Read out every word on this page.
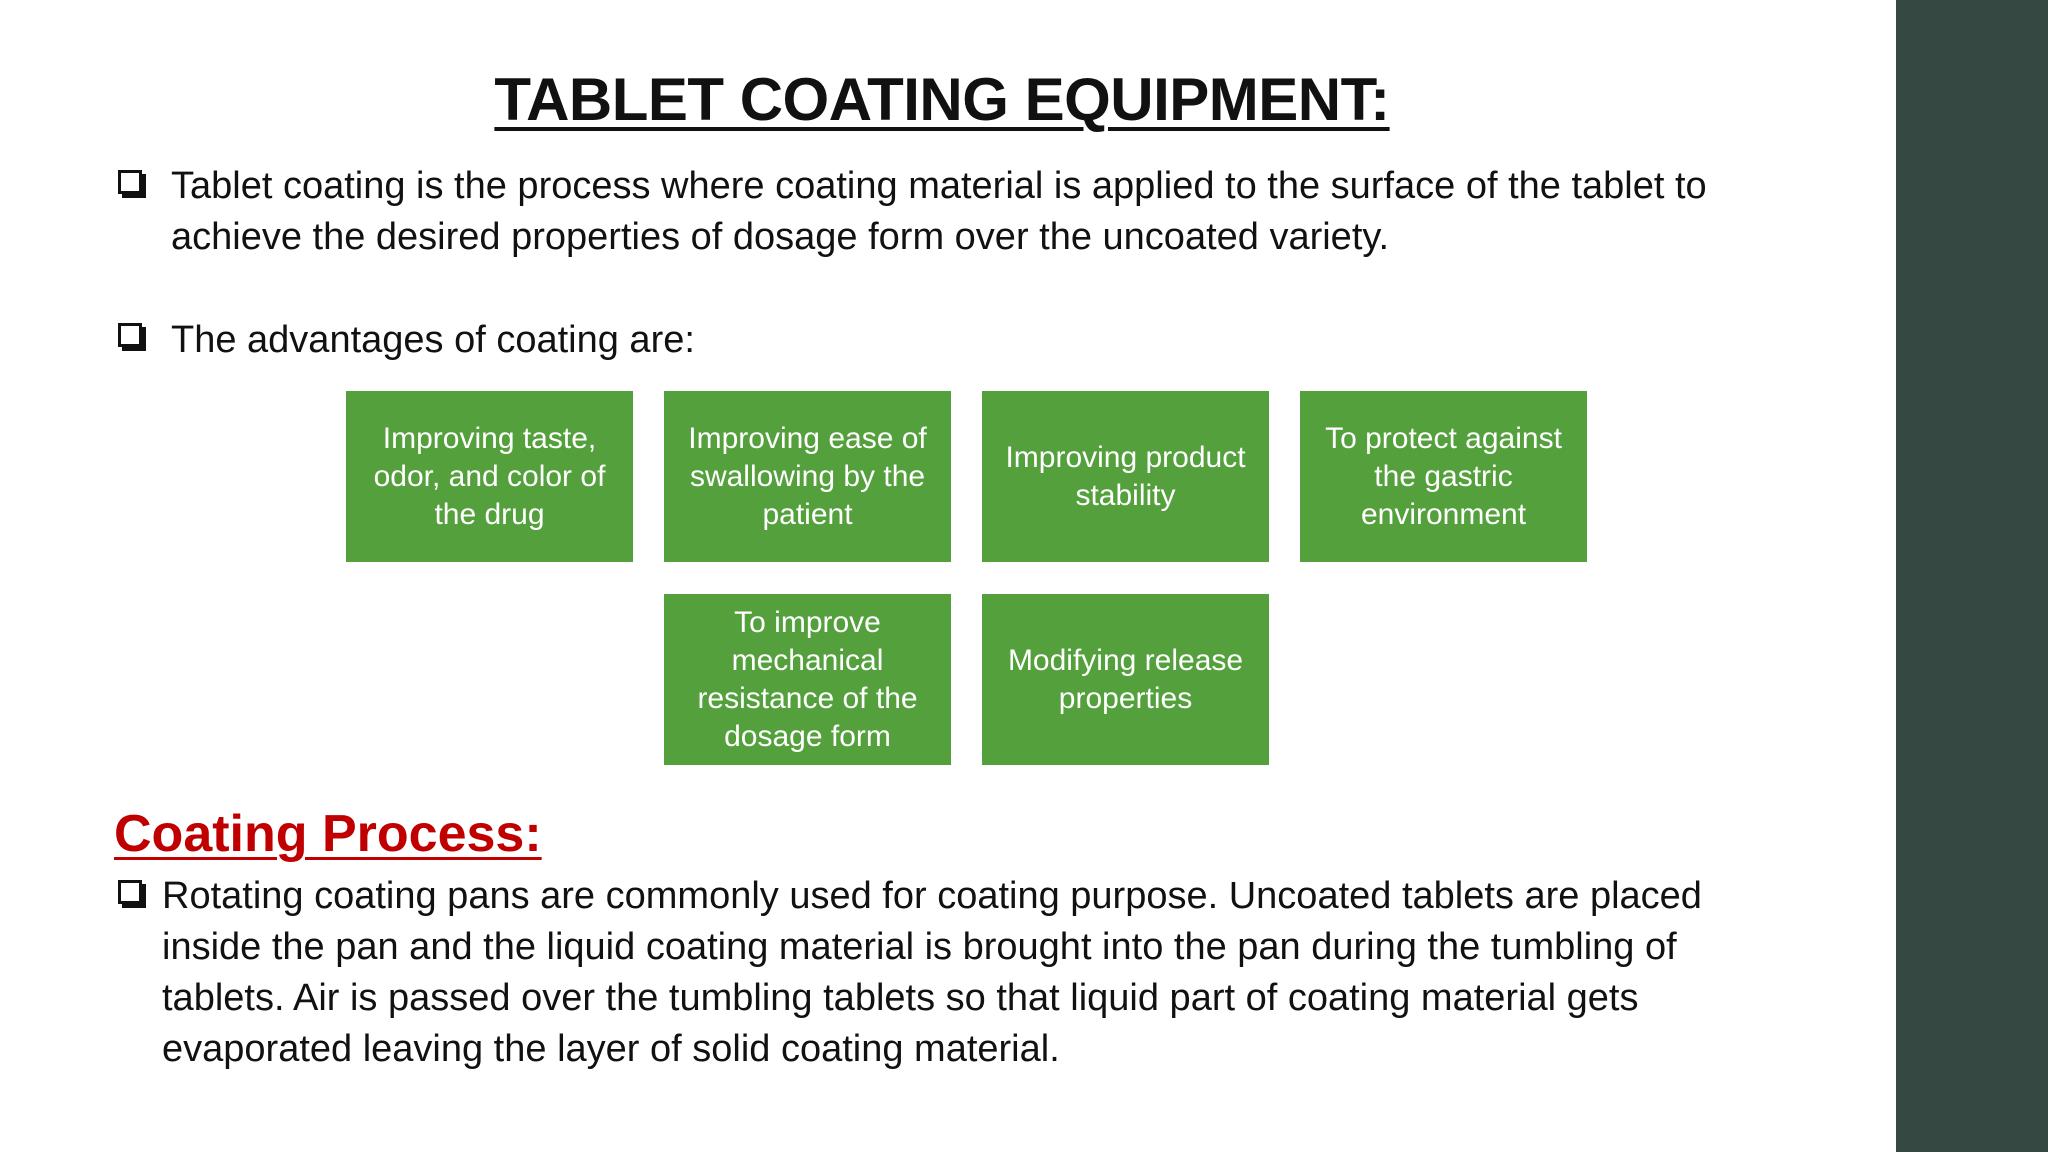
TABLET COATING EQUIPMENT:
Tablet coating is the process where coating material is applied to the surface of the tablet to achieve the desired properties of dosage form over the uncoated variety.
The advantages of coating are:
Improving taste, odor, and color of the drug
Improving ease of swallowing by the patient
Improving product stability
To protect against the gastric environment
To improve mechanical resistance of the dosage form
Modifying release properties
Coating Process:
Rotating coating pans are commonly used for coating purpose. Uncoated tablets are placed inside the pan and the liquid coating material is brought into the pan during the tumbling of tablets. Air is passed over the tumbling tablets so that liquid part of coating material gets evaporated leaving the layer of solid coating material.
